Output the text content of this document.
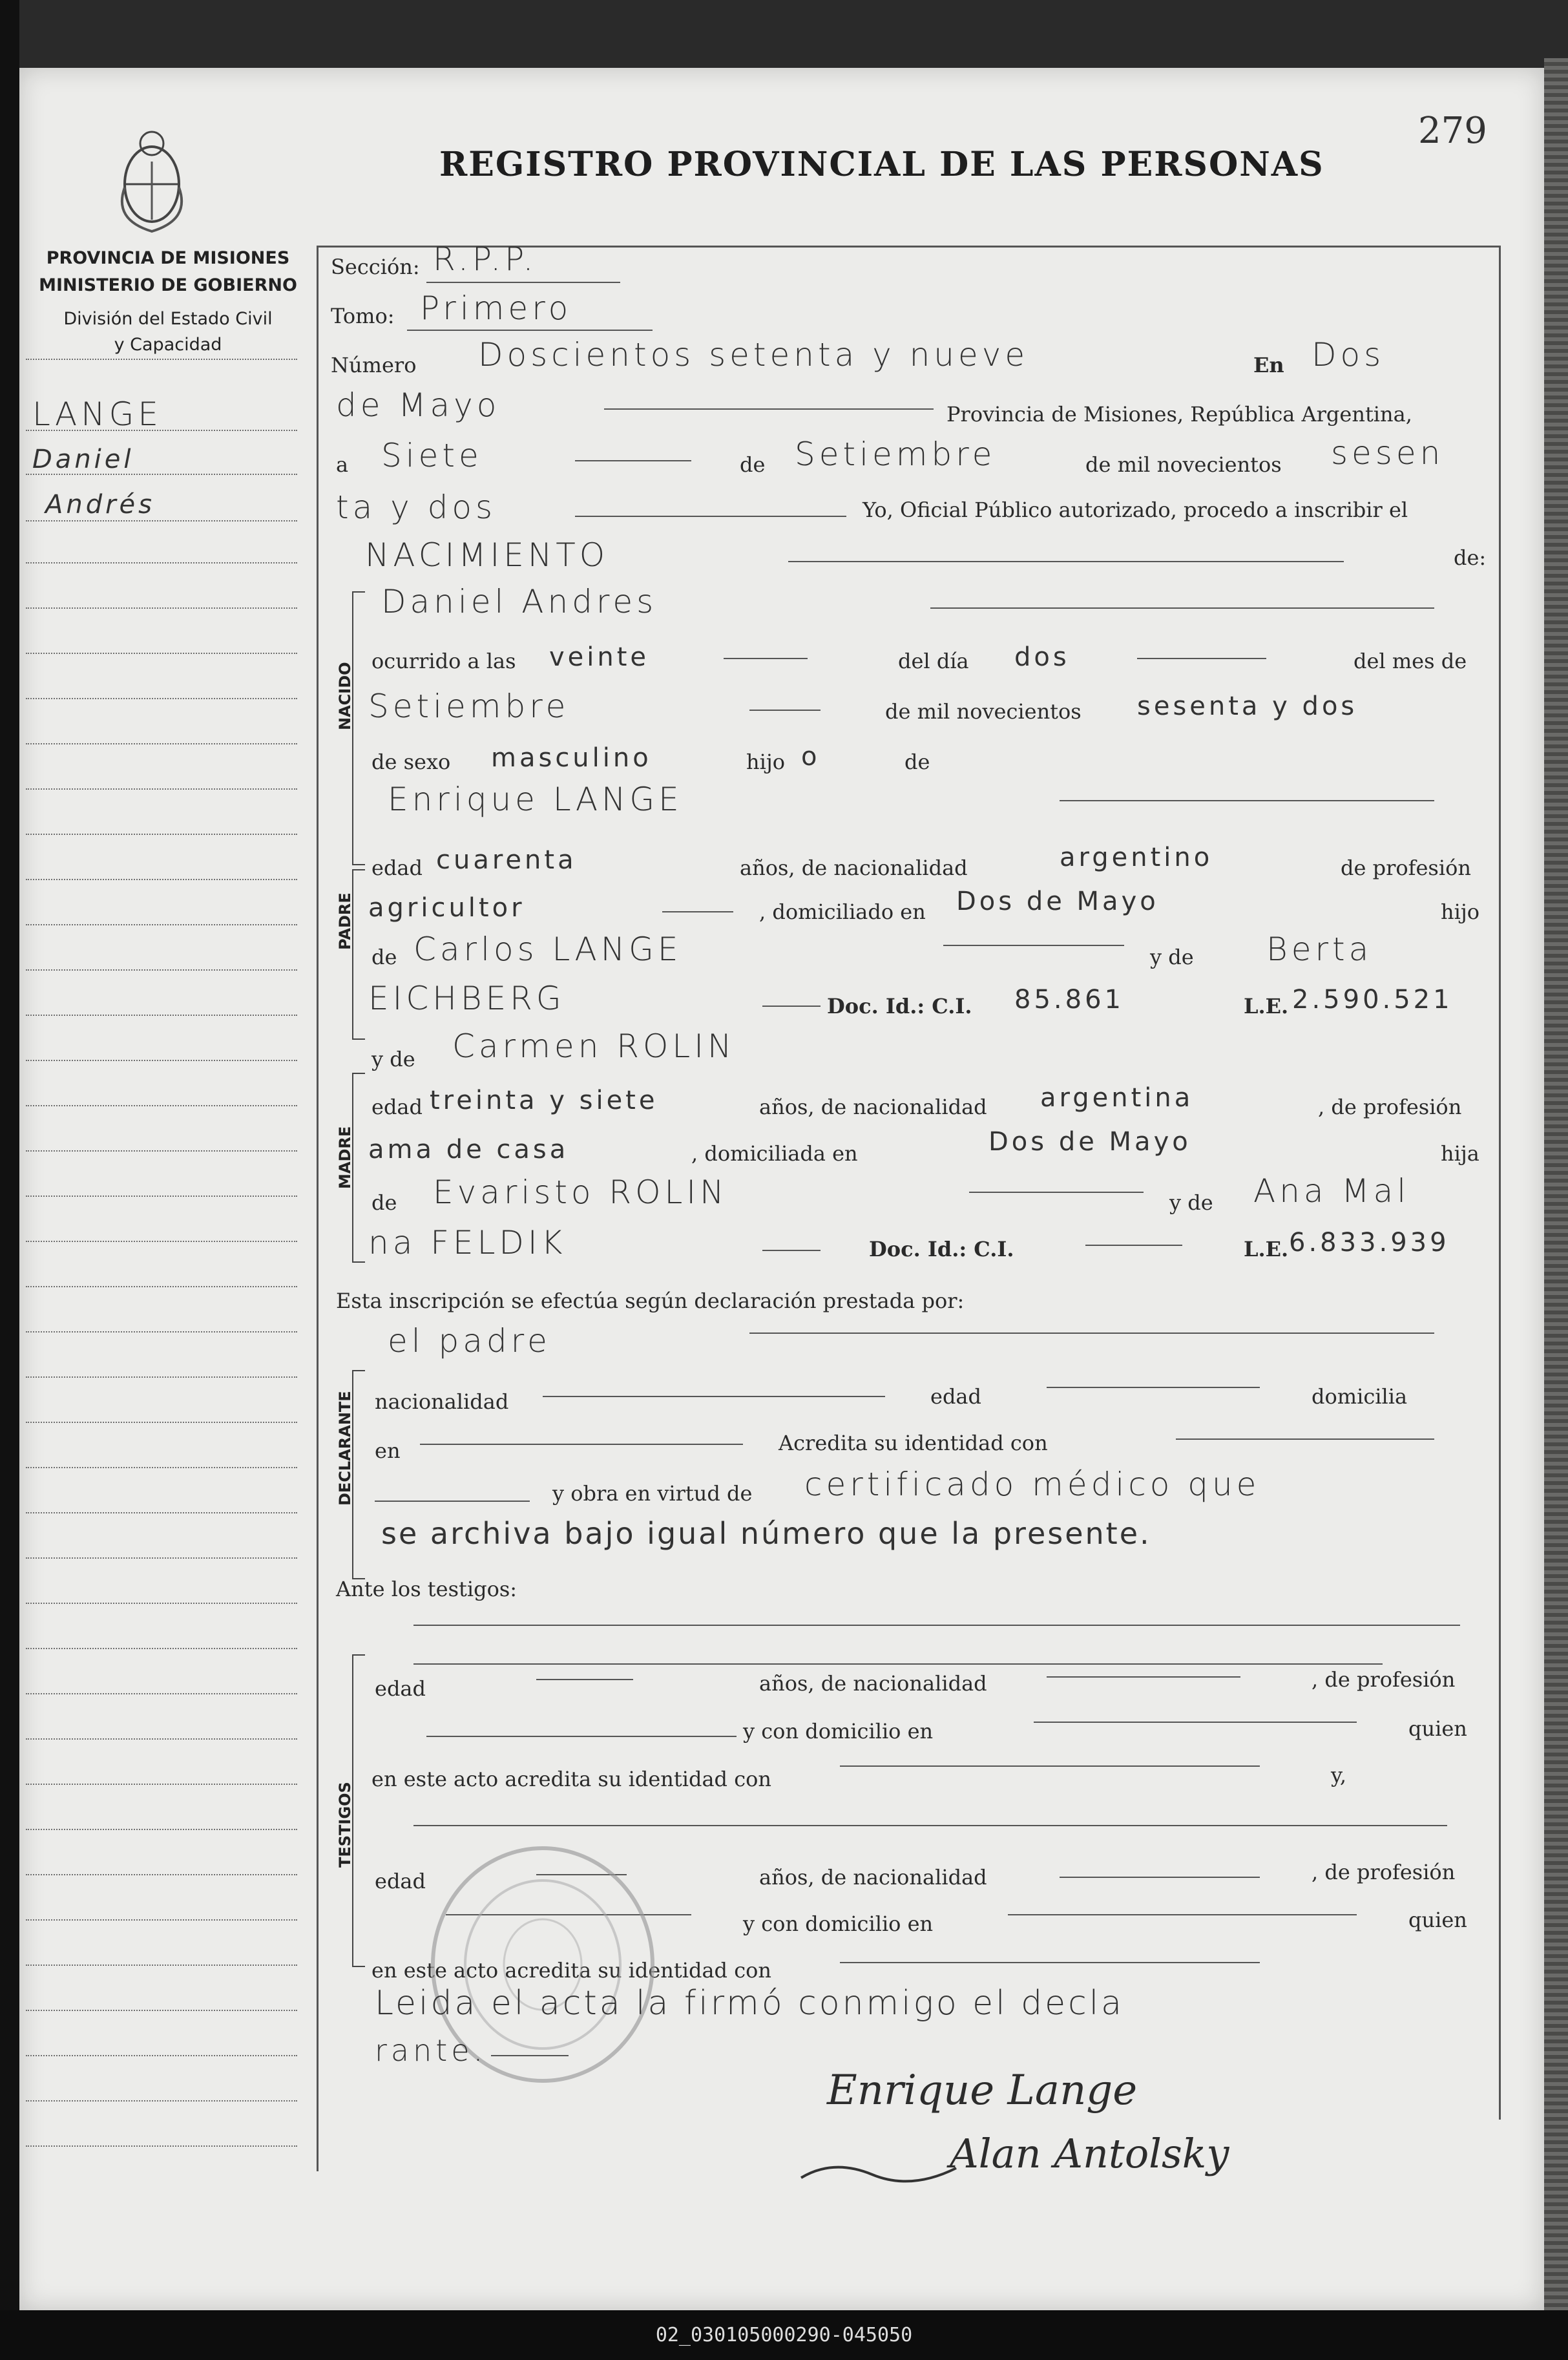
REGISTRO PROVINCIAL DE LAS PERSONAS
279
PROVINCIA DE MISIONES
MINISTERIO DE GOBIERNO
División del Estado Civil
y Capacidad
LANGE
Daniel
Andrés
Sección: R.P.P.
Tomo: Primero
Número Doscientos setenta y nueve	En Dos
de Mayo	Provincia de Misiones, República Argentina,
a Siete	de Setiembre	de mil novecientos sesen
ta y dos	Yo, Oficial Público autorizado, procedo a inscribir el
NACIMIENTO	de:
NACIDO
Daniel Andres
ocurrido a las veinte	del día dos	del mes de
Setiembre	de mil novecientos sesenta y dos
de sexo masculino	hijo o	de
PADRE
Enrique LANGE
edad cuarenta	años, de nacionalidad	argentino	de profesión
agricultor	, domiciliado en Dos de Mayo	hijo
de Carlos LANGE	y de Berta
EICHBERG	Doc. Id.: C.I. 85.861	L.E. 2.590.521
MADRE
y de Carmen ROLIN
edad treinta y siete	años, de nacionalidad argentina	, de profesión
ama de casa	, domiciliada en	Dos de Mayo	hija
de Evaristo ROLIN	y de Ana Mal
na FELDIK	Doc. Id.: C.I.	L.E. 6.833.939
Esta inscripción se efectúa según declaración prestada por:
el padre
DECLARANTE nacionalidad	edad	domicilia
en	Acredita su identidad con
y obra en virtud de certificado médico que
se archiva bajo igual número que la presente.
Ante los testigos:
TESTIGOS
edad	años, de nacionalidad	, de profesión
y con domicilio en	quien
en este acto acredita su identidad con	y,
edad	años, de nacionalidad	, de profesión
y con domicilio en	quien
en este acto acredita su identidad con
Leida el acta la firmó conmigo el decla
rante.
Enrique Lange
Alan Antolsky
02_030105000290-045050
